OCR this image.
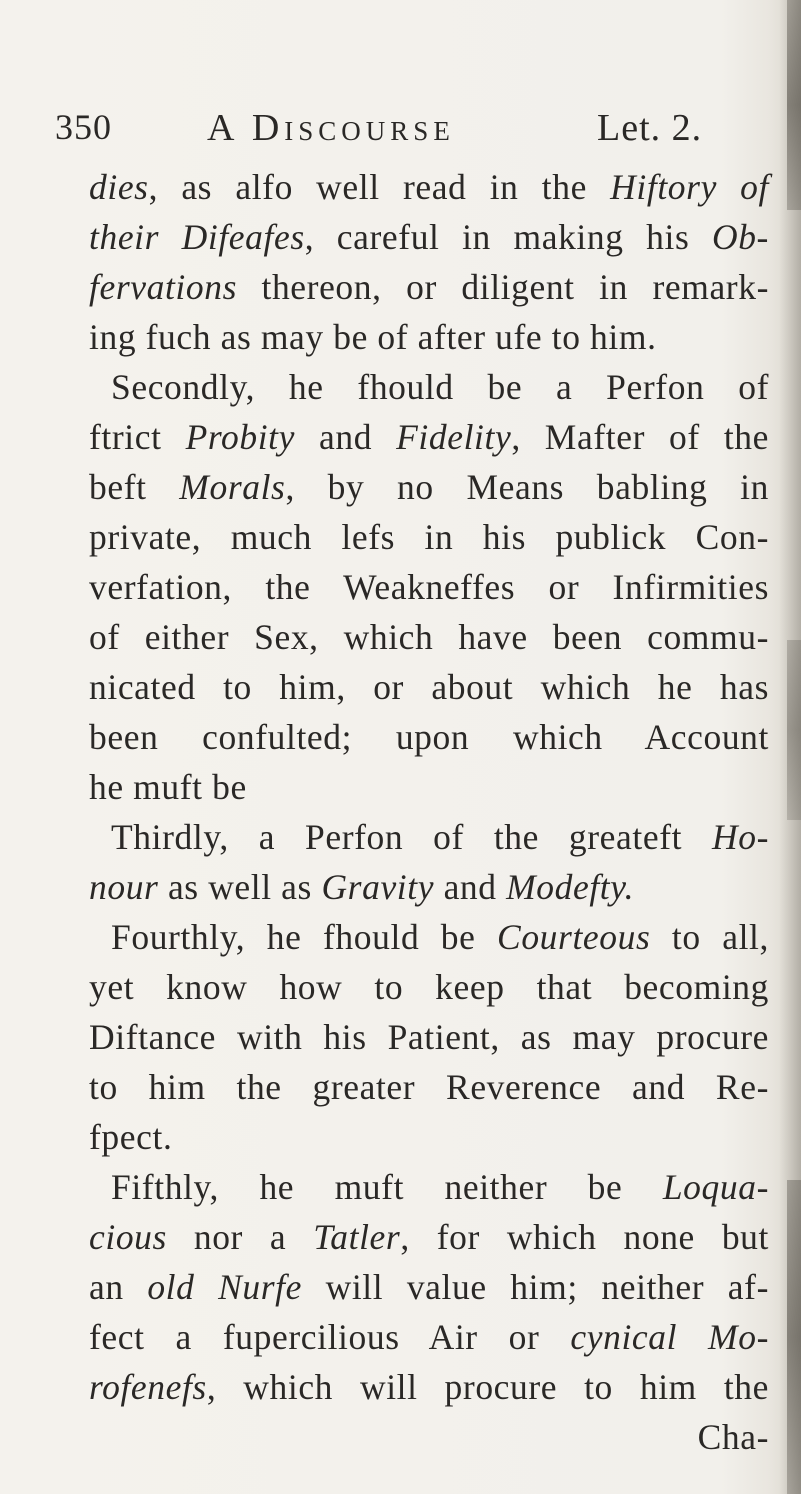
350	A Discourse	Let. 2.
dies, as alfo well read in the Hiftory of
their Difeafes, careful in making his Ob-
fervations thereon, or diligent in remark-
ing fuch as may be of after ufe to him.
Secondly, he fhould be a Perfon of
ftrict Probity and Fidelity, Mafter of the
beft Morals, by no Means babling in
private, much lefs in his publick Con-
verfation, the Weakneffes or Infirmities
of either Sex, which have been commu-
nicated to him, or about which he has
been confulted; upon which Account
he muft be
Thirdly, a Perfon of the greateft Ho-
nour as well as Gravity and Modefty.
Fourthly, he fhould be Courteous to all,
yet know how to keep that becoming
Diftance with his Patient, as may procure
to him the greater Reverence and Re-
fpect.
Fifthly, he muft neither be Loqua-
cious nor a Tatler, for which none but
an old Nurfe will value him; neither af-
fect a fupercilious Air or cynical Mo-
rofenefs, which will procure to him the
Cha-
